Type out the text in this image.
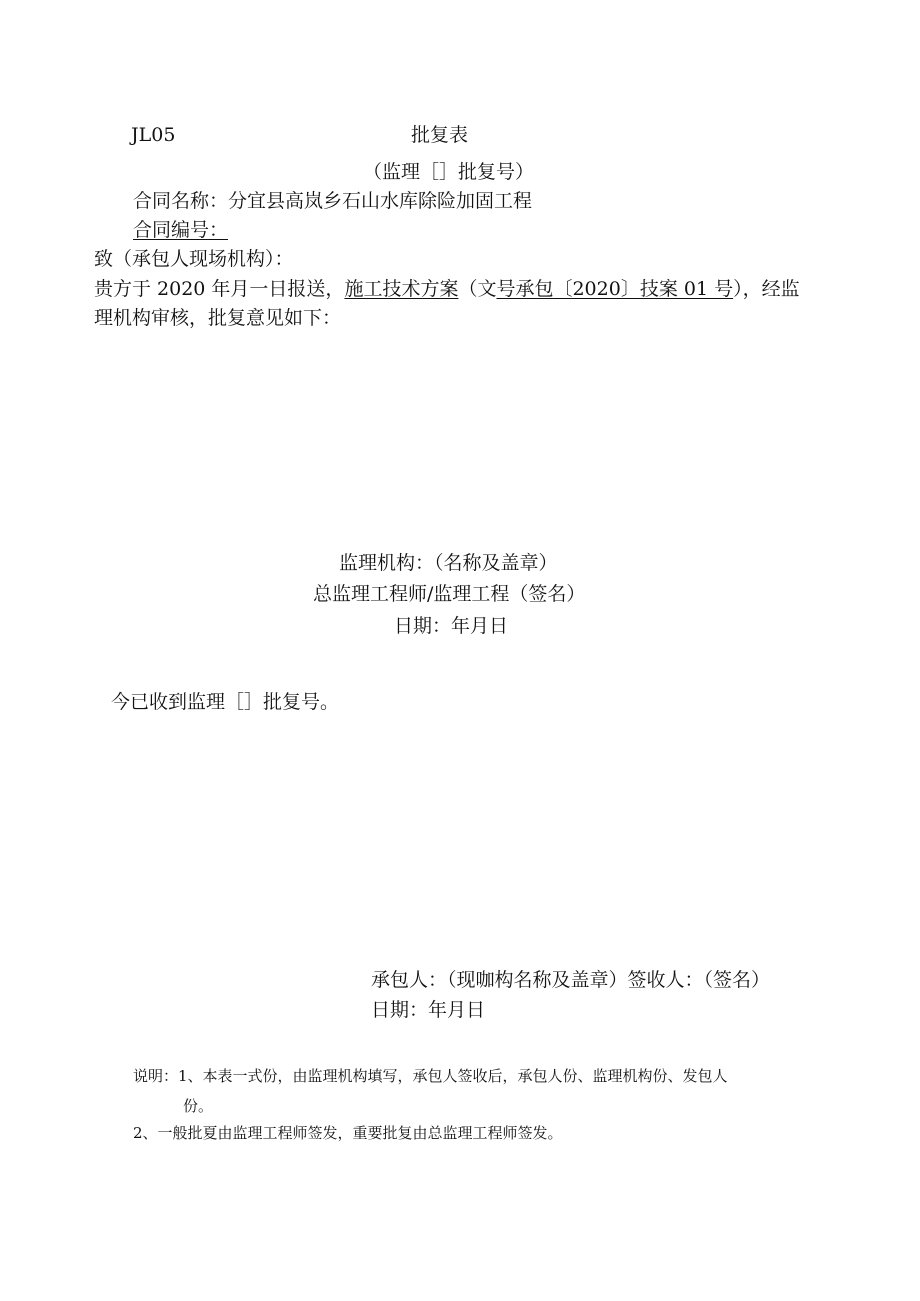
JL05	批复表
（监理［］批复号）
合同名称：分宜县高岚乡石山水库除险加固工程
合同编号：
致（承包人现场机构）：
贵方于 2020 年月一日报送，施工技术方案（文号承包〔2020〕技案 01 号），经监
理机构审核，批复意见如下：
监理机构：（名称及盖章）
总监理工程师/监理工程（签名）
日期：年月日
今已收到监理［］批复号。
承包人：（现咖构名称及盖章）签收人：（签名）
日期：年月日
说明：1、本表一式份，由监理机构填写，承包人签收后，承包人份、监理机构份、发包人
份。
2、一般批夏由监理工程师签发，重要批复由总监理工程师签发。
